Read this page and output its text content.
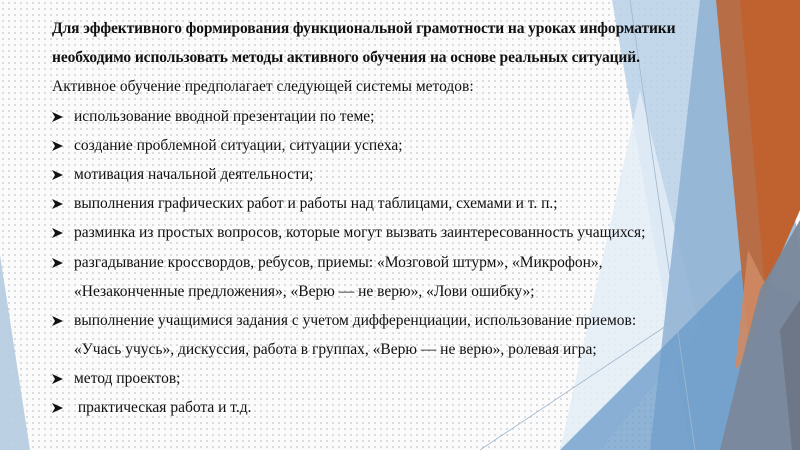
Для эффективного формирования функциональной грамотности на уроках информатики
необходимо использовать методы активного обучения на основе реальных ситуаций.
Активное обучение предполагает следующей системы методов:
использование вводной презентации по теме;
создание проблемной ситуации, ситуации успеха;
мотивация начальной деятельности;
выполнения графических работ и работы над таблицами, схемами и т. п.;
разминка из простых вопросов, которые могут вызвать заинтересованность учащихся;
разгадывание кроссвордов, ребусов, приемы: «Мозговой штурм», «Микрофон»,
«Незаконченные предложения», «Верю — не верю», «Лови ошибку»;
выполнение учащимися задания с учетом дифференциации, использование приемов:
«Учась учусь», дискуссия, работа в группах, «Верю — не верю», ролевая игра;
метод проектов;
практическая работа и т.д.
